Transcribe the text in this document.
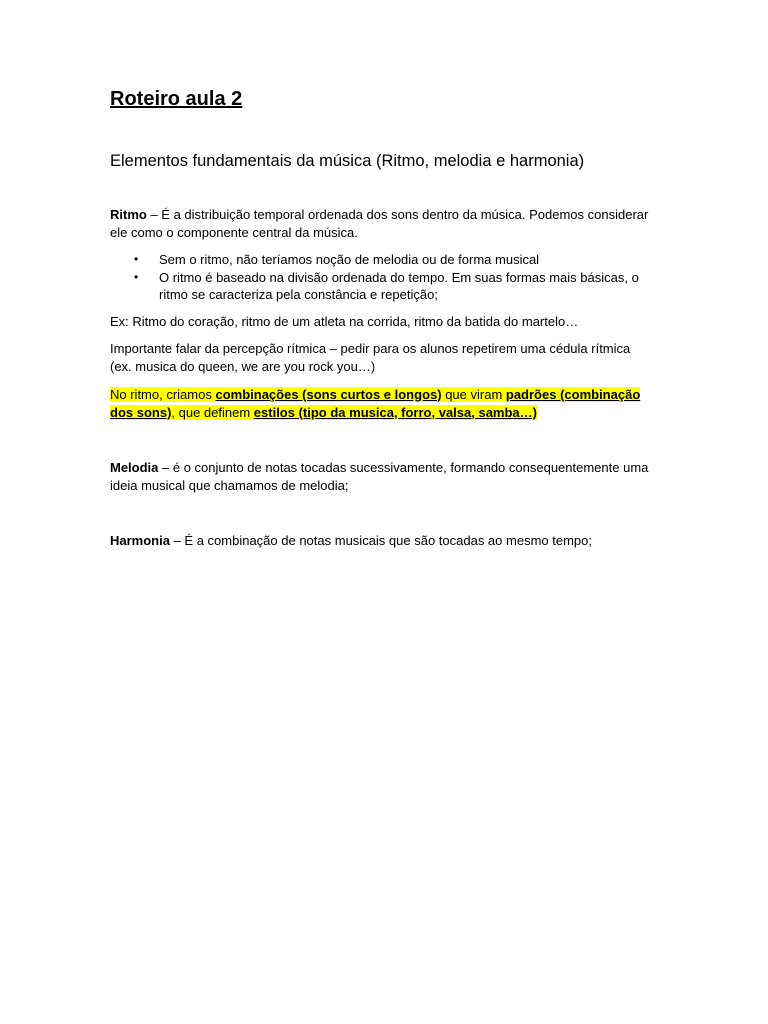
Roteiro aula 2
Elementos fundamentais da música (Ritmo, melodia e harmonia)

Ritmo – É a distribuição temporal ordenada dos sons dentro da música. Podemos considerar ele como o componente central da música.

• Sem o ritmo, não teríamos noção de melodia ou de forma musical
• O ritmo é baseado na divisão ordenada do tempo. Em suas formas mais básicas, o ritmo se caracteriza pela constância e repetição;

Ex: Ritmo do coração, ritmo de um atleta na corrida, ritmo da batida do martelo…

Importante falar da percepção rítmica – pedir para os alunos repetirem uma cédula rítmica (ex. musica do queen, we are you rock you…)

No ritmo, criamos combinações (sons curtos e longos) que viram padrões (combinação dos sons), que definem estilos (tipo da musica, forro, valsa, samba…)

Melodia – é o conjunto de notas tocadas sucessivamente, formando consequentemente uma ideia musical que chamamos de melodia;

Harmonia – É a combinação de notas musicais que são tocadas ao mesmo tempo;
